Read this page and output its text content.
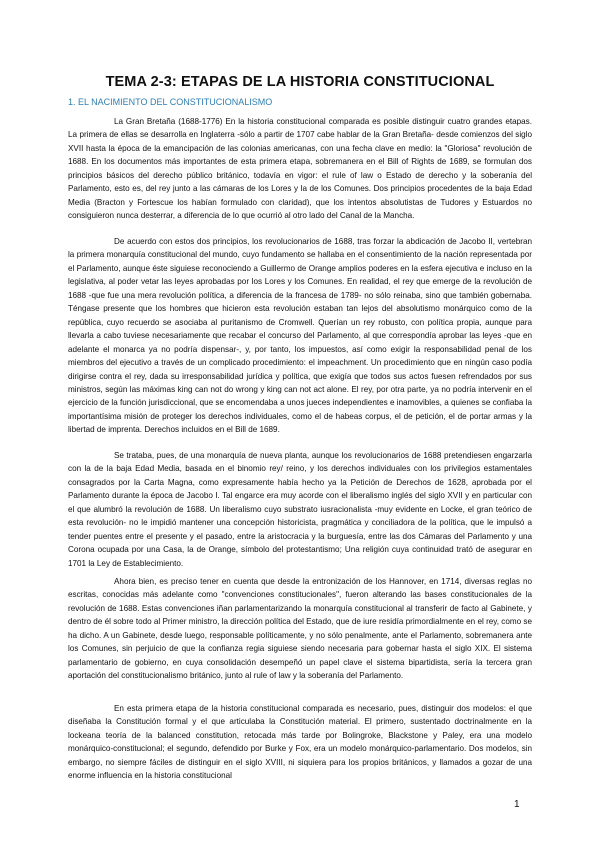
TEMA 2-3: ETAPAS DE LA HISTORIA CONSTITUCIONAL

1. EL NACIMIENTO DEL CONSTITUCIONALISMO

La Gran Bretaña (1688-1776) En la historia constitucional comparada es posible distinguir cuatro grandes etapas. La primera de ellas se desarrolla en Inglaterra -sólo a partir de 1707 cabe hablar de la Gran Bretaña- desde comienzos del siglo XVII hasta la época de la emancipación de las colonias americanas, con una fecha clave en medio: la "Gloriosa" revolución de 1688. En los documentos más importantes de esta primera etapa, sobremanera en el Bill of Rights de 1689, se formulan dos principios básicos del derecho público británico, todavía en vigor: el rule of law o Estado de derecho y la soberanía del Parlamento, esto es, del rey junto a las cámaras de los Lores y la de los Comunes. Dos principios procedentes de la baja Edad Media (Bracton y Fortescue los habían formulado con claridad), que los intentos absolutistas de Tudores y Estuardos no consiguieron nunca desterrar, a diferencia de lo que ocurrió al otro lado del Canal de la Mancha.

De acuerdo con estos dos principios, los revolucionarios de 1688, tras forzar la abdicación de Jacobo II, vertebran la primera monarquía constitucional del mundo, cuyo fundamento se hallaba en el consentimiento de la nación representada por el Parlamento, aunque éste siguiese reconociendo a Guillermo de Orange amplios poderes en la esfera ejecutiva e incluso en la legislativa, al poder vetar las leyes aprobadas por los Lores y los Comunes. En realidad, el rey que emerge de la revolución de 1688 -que fue una mera revolución política, a diferencia de la francesa de 1789- no sólo reinaba, sino que también gobernaba. Téngase presente que los hombres que hicieron esta revolución estaban tan lejos del absolutismo monárquico como de la república, cuyo recuerdo se asociaba al puritanismo de Cromwell. Querían un rey robusto, con política propia, aunque para llevarla a cabo tuviese necesariamente que recabar el concurso del Parlamento, al que correspondía aprobar las leyes -que en adelante el monarca ya no podría dispensar-, y, por tanto, los impuestos, así como exigir la responsabilidad penal de los miembros del ejecutivo a través de un complicado procedimiento: el impeachment. Un procedimiento que en ningún caso podía dirigirse contra el rey, dada su irresponsabilidad jurídica y política, que exigía que todos sus actos fuesen refrendados por sus ministros, según las máximas king can not do wrong y king can not act alone. El rey, por otra parte, ya no podría intervenir en el ejercicio de la función jurisdiccional, que se encomendaba a unos jueces independientes e inamovibles, a quienes se confiaba la importantísima misión de proteger los derechos individuales, como el de habeas corpus, el de petición, el de portar armas y la libertad de imprenta. Derechos incluidos en el Bill de 1689.

Se trataba, pues, de una monarquía de nueva planta, aunque los revolucionarios de 1688 pretendiesen engarzarla con la de la baja Edad Media, basada en el binomio rey/ reino, y los derechos individuales con los privilegios estamentales consagrados por la Carta Magna, como expresamente había hecho ya la Petición de Derechos de 1628, aprobada por el Parlamento durante la época de Jacobo I. Tal engarce era muy acorde con el liberalismo inglés del siglo XVII y en particular con el que alumbró la revolución de 1688. Un liberalismo cuyo substrato iusracionalista -muy evidente en Locke, el gran teórico de esta revolución- no le impidió mantener una concepción historicista, pragmática y conciliadora de la política, que le impulsó a tender puentes entre el presente y el pasado, entre la aristocracia y la burguesía, entre las dos Cámaras del Parlamento y una Corona ocupada por una Casa, la de Orange, símbolo del protestantismo; Una religión cuya continuidad trató de asegurar en 1701 la Ley de Establecimiento.

Ahora bien, es preciso tener en cuenta que desde la entronización de los Hannover, en 1714, diversas reglas no escritas, conocidas más adelante como "convenciones constitucionales", fueron alterando las bases constitucionales de la revolución de 1688. Estas convenciones iñan parlamentarizando la monarquía constitucional al transferir de facto al Gabinete, y dentro de él sobre todo al Primer ministro, la dirección política del Estado, que de iure residía primordialmente en el rey, como se ha dicho. A un Gabinete, desde luego, responsable políticamente, y no sólo penalmente, ante el Parlamento, sobremanera ante los Comunes, sin perjuicio de que la confianza regia siguiese siendo necesaria para gobernar hasta el siglo XIX. El sistema parlamentario de gobierno, en cuya consolidación desempeñó un papel clave el sistema bipartidista, sería la tercera gran aportación del constitucionalismo británico, junto al rule of law y la soberanía del Parlamento.

En esta primera etapa de la historia constitucional comparada es necesario, pues, distinguir dos modelos: el que diseñaba la Constitución formal y el que articulaba la Constitución material. El primero, sustentado doctrinalmente en la lockeana teoría de la balanced constitution, retocada más tarde por Bolingroke, Blackstone y Paley, era una modelo monárquico-constitucional; el segundo, defendido por Burke y Fox, era un modelo monárquico-parlamentario. Dos modelos, sin embargo, no siempre fáciles de distinguir en el siglo XVIII, ni siquiera para los propios británicos, y llamados a gozar de una enorme influencia en la historia constitucional

1
